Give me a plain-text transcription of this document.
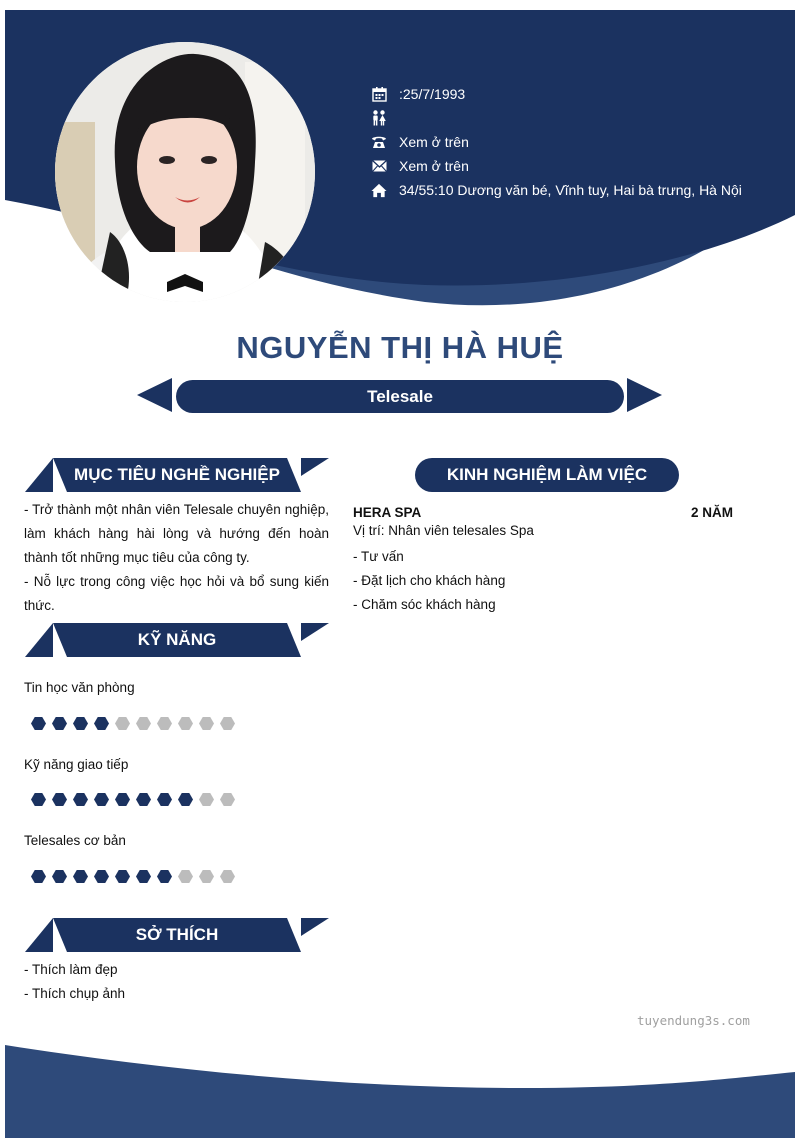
:25/7/1993
Xem ở trên
Xem ở trên
34/55:10 Dương văn bé, Vĩnh tuy, Hai bà trưng, Hà Nội
NGUYỄN THỊ HÀ HUỆ
Telesale
MỤC TIÊU NGHỀ NGHIỆP
- Trở thành một nhân viên Telesale chuyên nghiệp, làm khách hàng hài lòng và hướng đến hoàn thành tốt những mục tiêu của công ty.
- Nỗ lực trong công việc học hỏi và bổ sung kiến thức.
KỸ NĂNG
Tin học văn phòng
Kỹ năng giao tiếp
Telesales cơ bản
SỞ THÍCH
- Thích làm đẹp
- Thích chụp ảnh
KINH NGHIỆM LÀM VIỆC
HERA SPA	2 NĂM
Vị trí: Nhân viên telesales Spa
- Tư vấn
- Đặt lịch cho khách hàng
- Chăm sóc khách hàng
tuyendung3s.com
